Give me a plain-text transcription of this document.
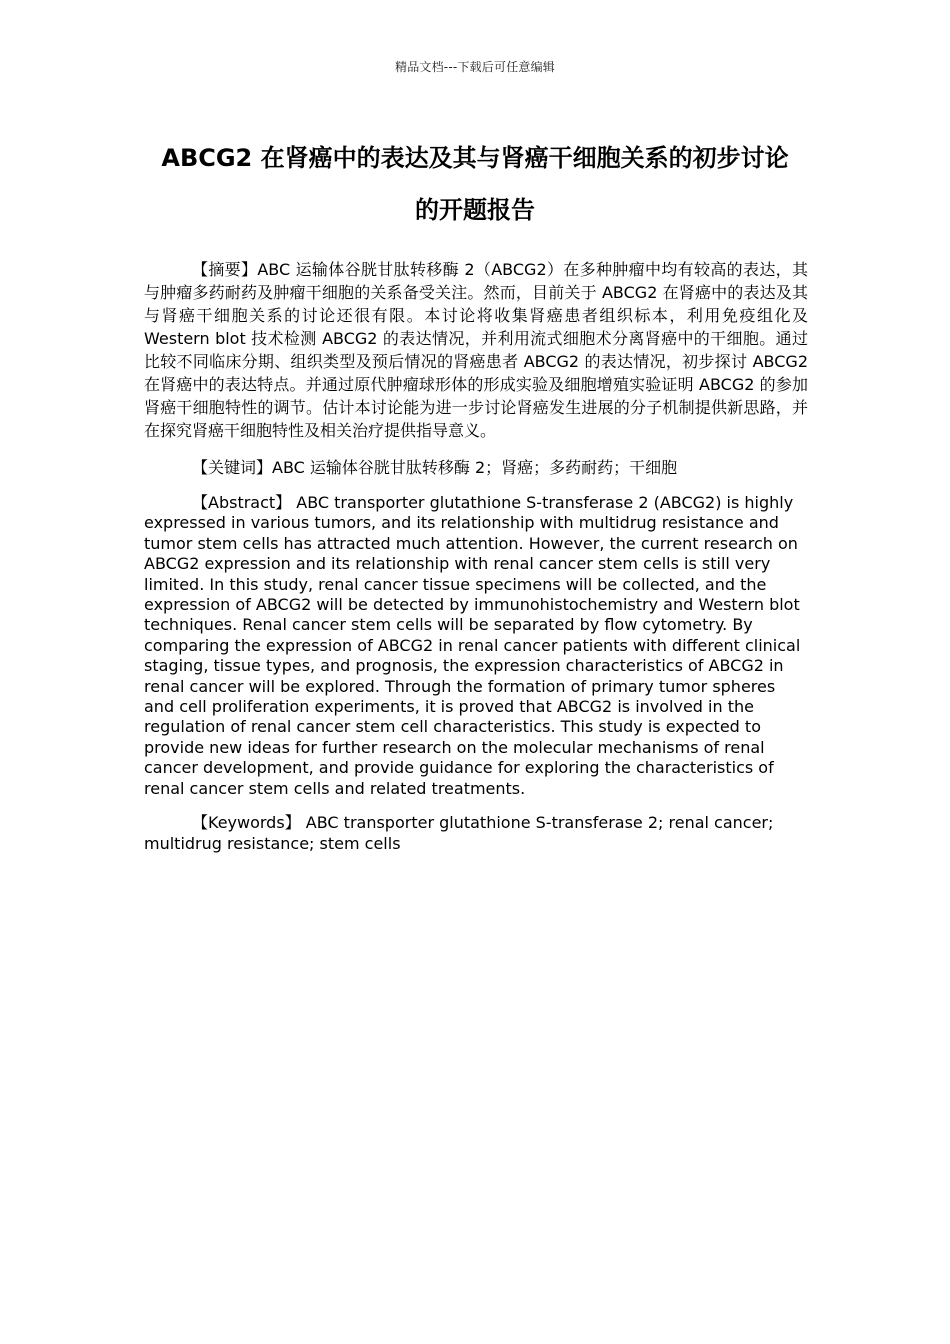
精品文档---下载后可任意编辑
ABCG2 在肾癌中的表达及其与肾癌干细胞关系的初步讨论
的开题报告

【摘要】ABC 运输体谷胱甘肽转移酶 2（ABCG2）在多种肿瘤中均有较高的表达，其与肿瘤多药耐药及肿瘤干细胞的关系备受关注。然而，目前关于 ABCG2 在肾癌中的表达及其与肾癌干细胞关系的讨论还很有限。本讨论将收集肾癌患者组织标本，利用免疫组化及 Western blot 技术检测 ABCG2 的表达情况，并利用流式细胞术分离肾癌中的干细胞。通过比较不同临床分期、组织类型及预后情况的肾癌患者 ABCG2 的表达情况，初步探讨 ABCG2 在肾癌中的表达特点。并通过原代肿瘤球形体的形成实验及细胞增殖实验证明 ABCG2 的参加肾癌干细胞特性的调节。估计本讨论能为进一步讨论肾癌发生进展的分子机制提供新思路，并在探究肾癌干细胞特性及相关治疗提供指导意义。

【关键词】ABC 运输体谷胱甘肽转移酶 2；肾癌；多药耐药；干细胞

【Abstract】 ABC transporter glutathione S-transferase 2 (ABCG2) is highly expressed in various tumors, and its relationship with multidrug resistance and tumor stem cells has attracted much attention. However, the current research on ABCG2 expression and its relationship with renal cancer stem cells is still very limited. In this study, renal cancer tissue specimens will be collected, and the expression of ABCG2 will be detected by immunohistochemistry and Western blot techniques. Renal cancer stem cells will be separated by flow cytometry. By comparing the expression of ABCG2 in renal cancer patients with different clinical staging, tissue types, and prognosis, the expression characteristics of ABCG2 in renal cancer will be explored. Through the formation of primary tumor spheres and cell proliferation experiments, it is proved that ABCG2 is involved in the regulation of renal cancer stem cell characteristics. This study is expected to provide new ideas for further research on the molecular mechanisms of renal cancer development, and provide guidance for exploring the characteristics of renal cancer stem cells and related treatments.

【Keywords】 ABC transporter glutathione S-transferase 2; renal cancer; multidrug resistance; stem cells
